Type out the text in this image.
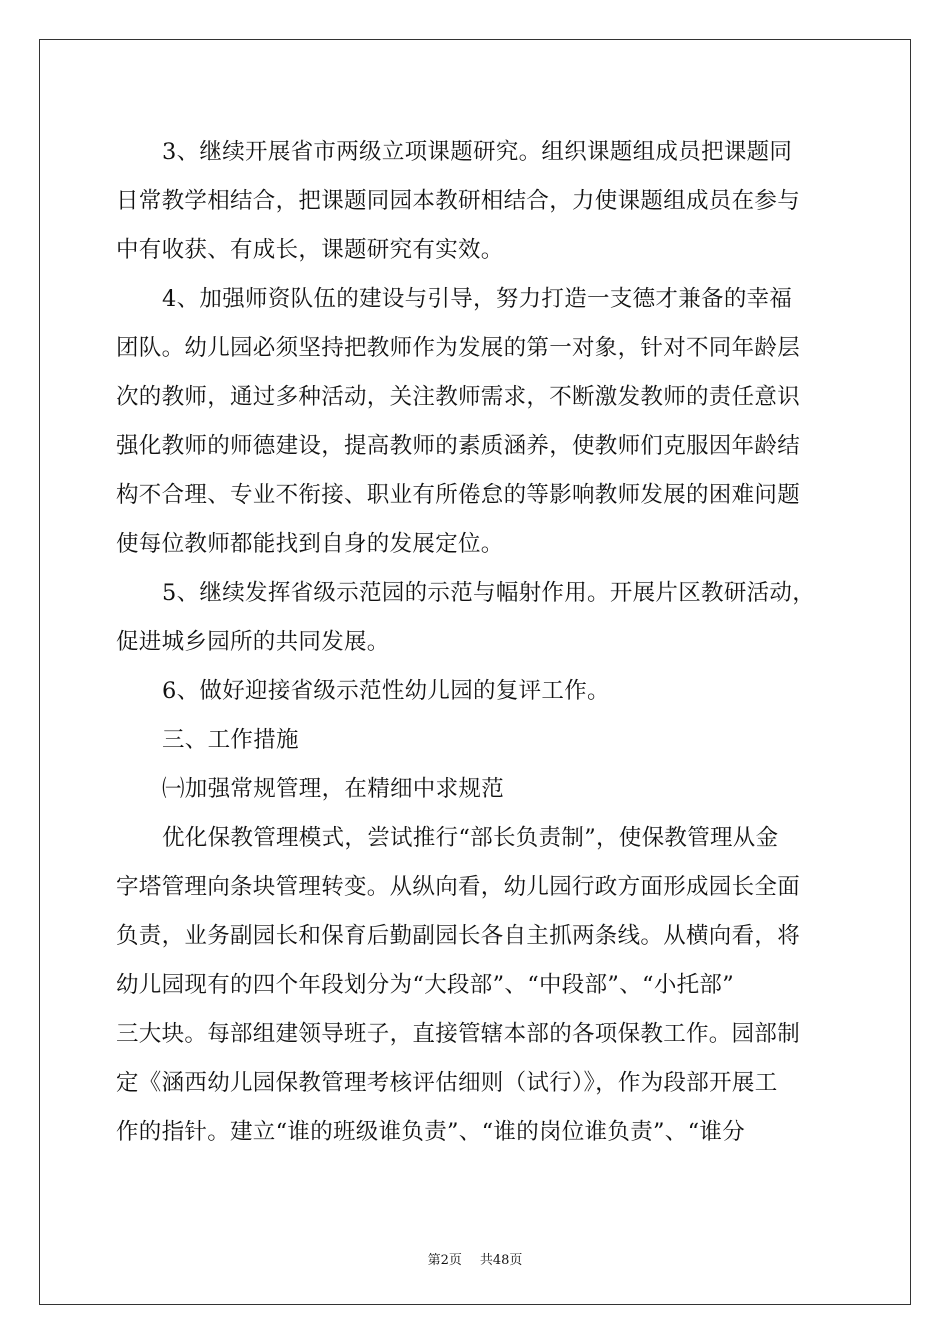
3、继续开展省市两级立项课题研究。组织课题组成员把课题同
日常教学相结合，把课题同园本教研相结合，力使课题组成员在参与
中有收获、有成长，课题研究有实效。
4、加强师资队伍的建设与引导，努力打造一支德才兼备的幸福
团队。幼儿园必须坚持把教师作为发展的第一对象，针对不同年龄层
次的教师，通过多种活动，关注教师需求，不断激发教师的责任意识
强化教师的师德建设，提高教师的素质涵养，使教师们克服因年龄结
构不合理、专业不衔接、职业有所倦怠的等影响教师发展的困难问题
使每位教师都能找到自身的发展定位。
5、继续发挥省级示范园的示范与幅射作用。开展片区教研活动，
促进城乡园所的共同发展。
6、做好迎接省级示范性幼儿园的复评工作。
三、工作措施
㈠加强常规管理，在精细中求规范
优化保教管理模式，尝试推行“部长负责制”，使保教管理从金
字塔管理向条块管理转变。从纵向看，幼儿园行政方面形成园长全面
负责，业务副园长和保育后勤副园长各自主抓两条线。从横向看，将
幼儿园现有的四个年段划分为“大段部”、“中段部”、“小托部”
三大块。每部组建领导班子，直接管辖本部的各项保教工作。园部制
定《涵西幼儿园保教管理考核评估细则（试行）》，作为段部开展工
作的指针。建立“谁的班级谁负责”、“谁的岗位谁负责”、“谁分
第2页 共48页
